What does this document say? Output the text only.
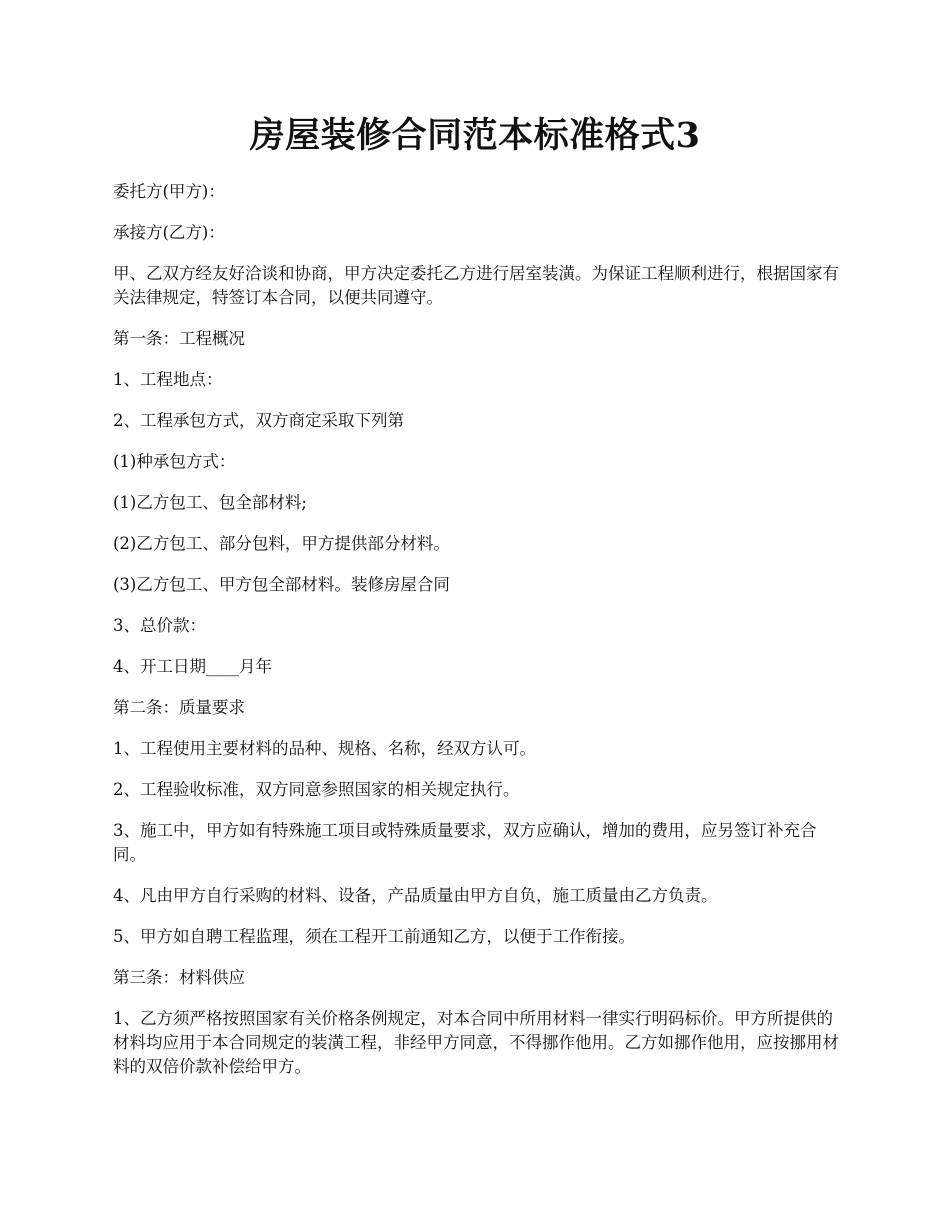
房屋装修合同范本标准格式3

委托方(甲方)：

承接方(乙方)：

甲、乙双方经友好洽谈和协商，甲方决定委托乙方进行居室装潢。为保证工程顺利进行，根据国家有关法律规定，特签订本合同，以便共同遵守。

第一条：工程概况

1、工程地点：

2、工程承包方式，双方商定采取下列第

(1)种承包方式：

(1)乙方包工、包全部材料;

(2)乙方包工、部分包料，甲方提供部分材料。

(3)乙方包工、甲方包全部材料。装修房屋合同

3、总价款：

4、开工日期____月年

第二条：质量要求

1、工程使用主要材料的品种、规格、名称，经双方认可。

2、工程验收标准，双方同意参照国家的相关规定执行。

3、施工中，甲方如有特殊施工项目或特殊质量要求，双方应确认，增加的费用，应另签订补充合同。

4、凡由甲方自行采购的材料、设备，产品质量由甲方自负，施工质量由乙方负责。

5、甲方如自聘工程监理，须在工程开工前通知乙方，以便于工作衔接。

第三条：材料供应

1、乙方须严格按照国家有关价格条例规定，对本合同中所用材料一律实行明码标价。甲方所提供的材料均应用于本合同规定的装潢工程，非经甲方同意，不得挪作他用。乙方如挪作他用，应按挪用材料的双倍价款补偿给甲方。
